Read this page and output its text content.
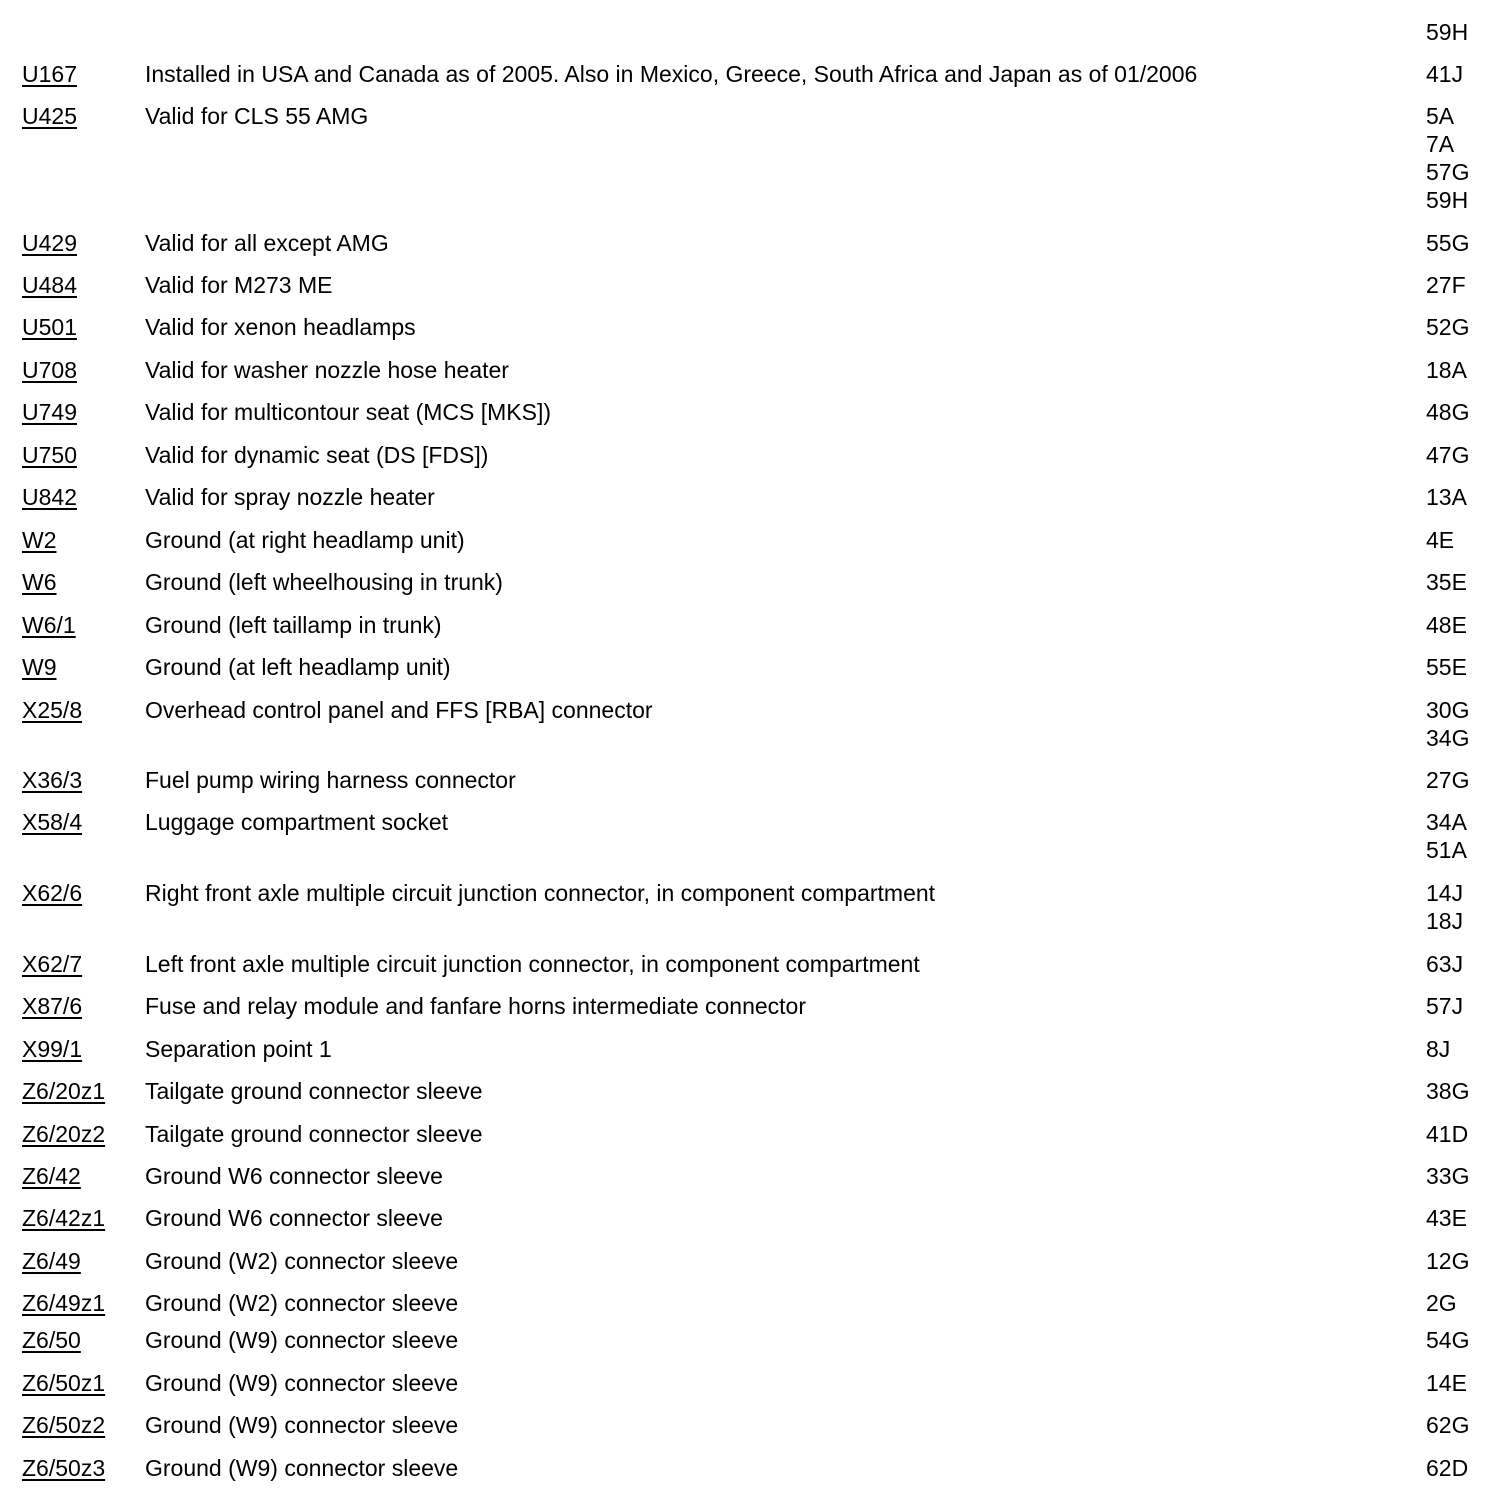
59H
U167	Installed in USA and Canada as of 2005. Also in Mexico, Greece, South Africa and Japan as of 01/2006	41J
U425	Valid for CLS 55 AMG	5A
7A
57G
59H
U429	Valid for all except AMG	55G
U484	Valid for M273 ME	27F
U501	Valid for xenon headlamps	52G
U708	Valid for washer nozzle hose heater	18A
U749	Valid for multicontour seat (MCS [MKS])	48G
U750	Valid for dynamic seat (DS [FDS])	47G
U842	Valid for spray nozzle heater	13A
W2	Ground (at right headlamp unit)	4E
W6	Ground (left wheelhousing in trunk)	35E
W6/1	Ground (left taillamp in trunk)	48E
W9	Ground (at left headlamp unit)	55E
X25/8	Overhead control panel and FFS [RBA] connector	30G
34G
X36/3	Fuel pump wiring harness connector	27G
X58/4	Luggage compartment socket	34A
51A
X62/6	Right front axle multiple circuit junction connector, in component compartment	14J
18J
X62/7	Left front axle multiple circuit junction connector, in component compartment	63J
X87/6	Fuse and relay module and fanfare horns intermediate connector	57J
X99/1	Separation point 1	8J
Z6/20z1 Tailgate ground connector sleeve	38G
Z6/20z2 Tailgate ground connector sleeve	41D
Z6/42	Ground W6 connector sleeve	33G
Z6/42z1 Ground W6 connector sleeve	43E
Z6/49	Ground (W2) connector sleeve	12G
Z6/49z1 Ground (W2) connector sleeve	2G
Z6/50	Ground (W9) connector sleeve	54G
Z6/50z1 Ground (W9) connector sleeve	14E
Z6/50z2 Ground (W9) connector sleeve	62G
Z6/50z3 Ground (W9) connector sleeve	62D
